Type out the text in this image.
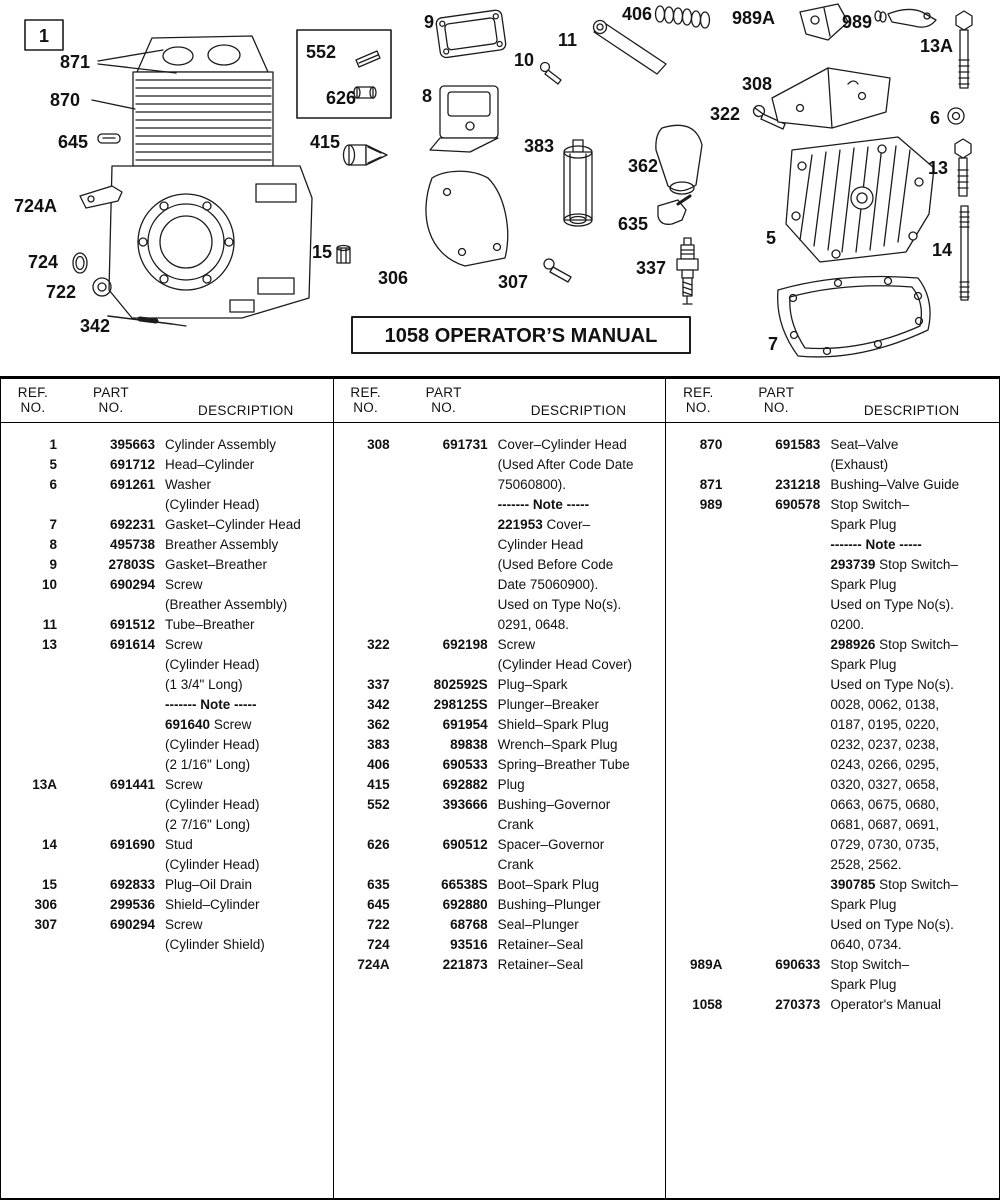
1
871
870
645
724A
724
722
342
552
626
415
15
306	307
9
10
8
383
11
362
635
337
406
322
308
989A	989
13A
6
13
5
14
7
1058 OPERATOR’S MANUAL
REF.
NO.
PART
NO.	DESCRIPTION
1	395663 Cylinder Assembly
5	691712 Head–Cylinder
6	691261 Washer
(Cylinder Head)
7	692231 Gasket–Cylinder Head
8	495738 Breather Assembly
9	27803S Gasket–Breather
10	690294 Screw
(Breather Assembly)
11	691512 Tube–Breather
13	691614 Screw
(Cylinder Head)
(1 3/4" Long)
------- Note -----
691640 Screw
(Cylinder Head)
(2 1/16" Long)
13A	691441 Screw
(Cylinder Head)
(2 7/16" Long)
14	691690 Stud
(Cylinder Head)
15	692833 Plug–Oil Drain
306	299536 Shield–Cylinder
307	690294 Screw
(Cylinder Shield)
REF.
NO.
PART
NO.	DESCRIPTION
308	691731 Cover–Cylinder Head
(Used After Code Date
75060800).
------- Note -----
221953 Cover–
Cylinder Head
(Used Before Code
Date 75060900).
Used on Type No(s).
0291, 0648.
322	692198 Screw
(Cylinder Head Cover)
337	802592S Plug–Spark
342	298125S Plunger–Breaker
362	691954 Shield–Spark Plug
383	89838 Wrench–Spark Plug
406	690533 Spring–Breather Tube
415	692882 Plug
552	393666 Bushing–Governor
Crank
626	690512 Spacer–Governor
Crank
635	66538S Boot–Spark Plug
645	692880 Bushing–Plunger
722	68768 Seal–Plunger
724	93516 Retainer–Seal
724A	221873 Retainer–Seal
REF.
NO.
PART
NO.	DESCRIPTION
870	691583 Seat–Valve
(Exhaust)
871	231218 Bushing–Valve Guide
989	690578 Stop Switch–
Spark Plug
------- Note -----
293739 Stop Switch–
Spark Plug
Used on Type No(s).
0200.
298926 Stop Switch–
Spark Plug
Used on Type No(s).
0028, 0062, 0138,
0187, 0195, 0220,
0232, 0237, 0238,
0243, 0266, 0295,
0320, 0327, 0658,
0663, 0675, 0680,
0681, 0687, 0691,
0729, 0730, 0735,
2528, 2562.
390785 Stop Switch–
Spark Plug
Used on Type No(s).
0640, 0734.
989A	690633 Stop Switch–
Spark Plug
1058	270373 Operator's Manual
